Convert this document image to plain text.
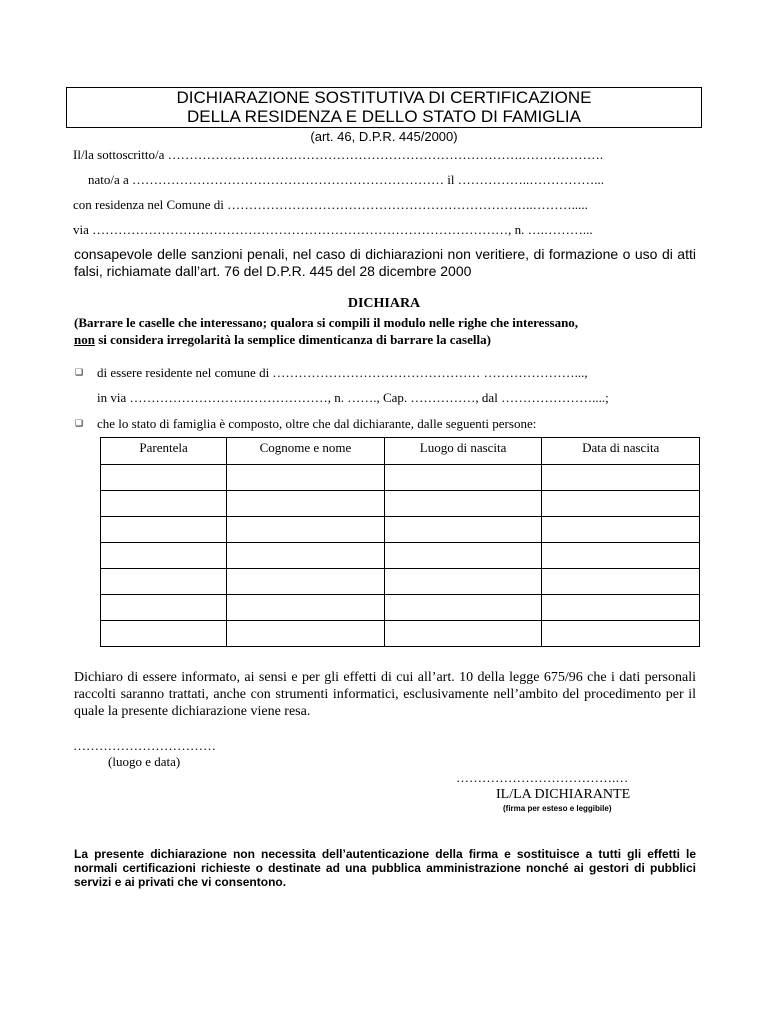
DICHIARAZIONE SOSTITUTIVA DI CERTIFICAZIONE
DELLA RESIDENZA E DELLO STATO DI FAMIGLIA
(art. 46, D.P.R. 445/2000)
Il/la sottoscritto/a ……………………………………………………………………….……………….
nato/a a ……………………………………………………………… il ……………..……………...
con residenza nel Comune di ……………………………………………………………..……….....
via ……………………………………………………………………………………, n. ….………...
consapevole delle sanzioni penali, nel caso di dichiarazioni non veritiere, di formazione o uso di atti falsi, richiamate dall’art. 76 del D.P.R. 445 del 28 dicembre 2000
DICHIARA
(Barrare le caselle che interessano; qualora si compili il modulo nelle righe che interessano,
non si considera irregolarità la semplice dimenticanza di barrare la casella)
❑ di essere residente nel comune di ………………………………………… …………………...,
in via ……………………….………………, n. ……., Cap. ……………, dal …………………....;
❑ che lo stato di famiglia è composto, oltre che dal dichiarante, dalle seguenti persone:
Parentela	Cognome e nome	Luogo di nascita	Data di nascita

Dichiaro di essere informato, ai sensi e per gli effetti di cui all’art. 10 della legge 675/96 che i dati personali raccolti saranno trattati, anche con strumenti informatici, esclusivamente nell’ambito del procedimento per il quale la presente dichiarazione viene resa.
……………………………
(luogo e data)
……………………………….…
IL/LA DICHIARANTE
(firma per esteso e leggibile)
La presente dichiarazione non necessita dell’autenticazione della firma e sostituisce a tutti gli effetti le normali certificazioni richieste o destinate ad una pubblica amministrazione nonché ai gestori di pubblici servizi e ai privati che vi consentono.
